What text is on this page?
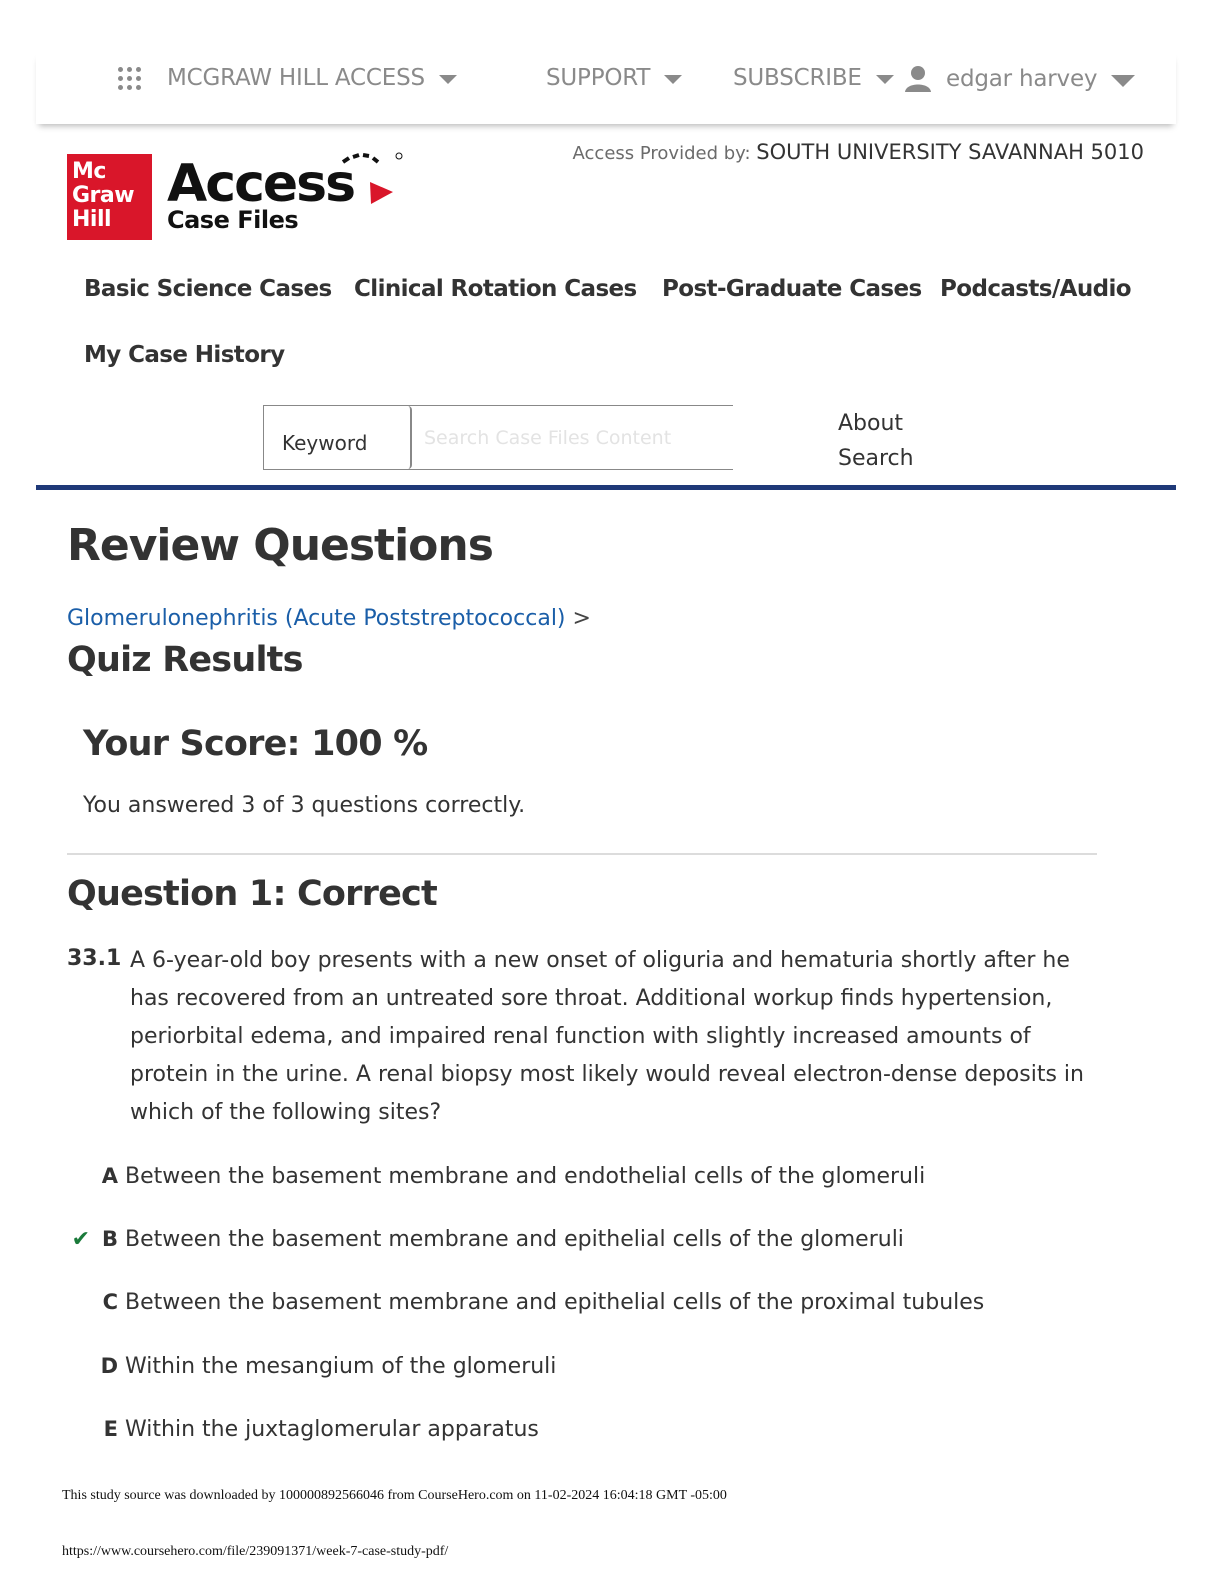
MCGRAW HILL ACCESS	SUPPORT	SUBSCRIBE	edgar harvey
Access Provided by: SOUTH UNIVERSITY SAVANNAH 5010
Mc
Graw
Hill
Access
Case Files
Basic Science Cases Clinical Rotation Cases Post-Graduate Cases Podcasts/Audio
My Case History
Keyword
Search Case Files Content
About Search
Review Questions
Glomerulonephritis (Acute Poststreptococcal) >
Quiz Results
Your Score: 100 %
You answered 3 of 3 questions correctly.
Question 1: Correct
33.1 A 6-year-old boy presents with a new onset of oliguria and hematuria shortly after he has recovered from an untreated sore throat. Additional workup finds hypertension, periorbital edema, and impaired renal function with slightly increased amounts of protein in the urine. A renal biopsy most likely would reveal electron-dense deposits in which of the following sites?
A Between the basement membrane and endothelial cells of the glomeruli
✔ B Between the basement membrane and epithelial cells of the glomeruli
C Between the basement membrane and epithelial cells of the proximal tubules
D Within the mesangium of the glomeruli
E Within the juxtaglomerular apparatus
This study source was downloaded by 100000892566046 from CourseHero.com on 11-02-2024 16:04:18 GMT -05:00
https://www.coursehero.com/file/239091371/week-7-case-study-pdf/
